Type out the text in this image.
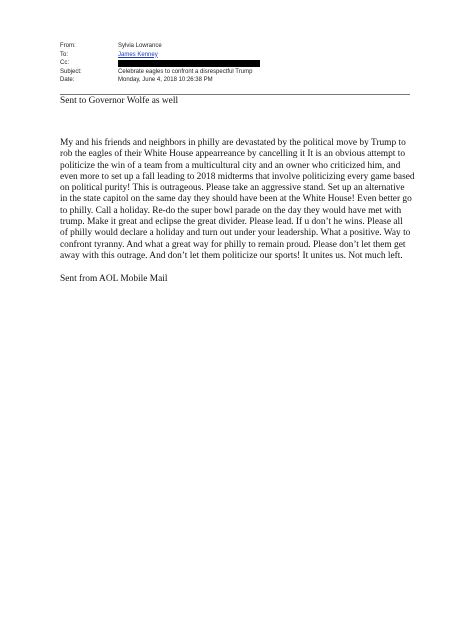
From:	Sylvia Lowrance
To:	James Kenney
Cc:
Subject:	Celebrate eagles to confront a disrespectful Trump
Date:	Monday, June 4, 2018 10:26:38 PM

Sent to Governor Wolfe as well

My and his friends and neighbors in philly are devastated by the political move by Trump to
rob the eagles of their White House appearreance by cancelling it It is an obvious attempt to
politicize the win of a team from a multicultural city and an owner who criticized him, and
even more to set up a fall leading to 2018 midterms that involve politicizing every game based
on political purity! This is outrageous. Please take an aggressive stand. Set up an alternative
in the state capitol on the same day they should have been at the White House! Even better go
to philly. Call a holiday. Re-do the super bowl parade on the day they would have met with
trump. Make it great and eclipse the great divider. Please lead. If u don’t he wins. Please all
of philly would declare a holiday and turn out under your leadership. What a positive. Way to
confront tyranny. And what a great way for philly to remain proud. Please don’t let them get
away with this outrage. And don’t let them politicize our sports! It unites us. Not much left.

Sent from AOL Mobile Mail
